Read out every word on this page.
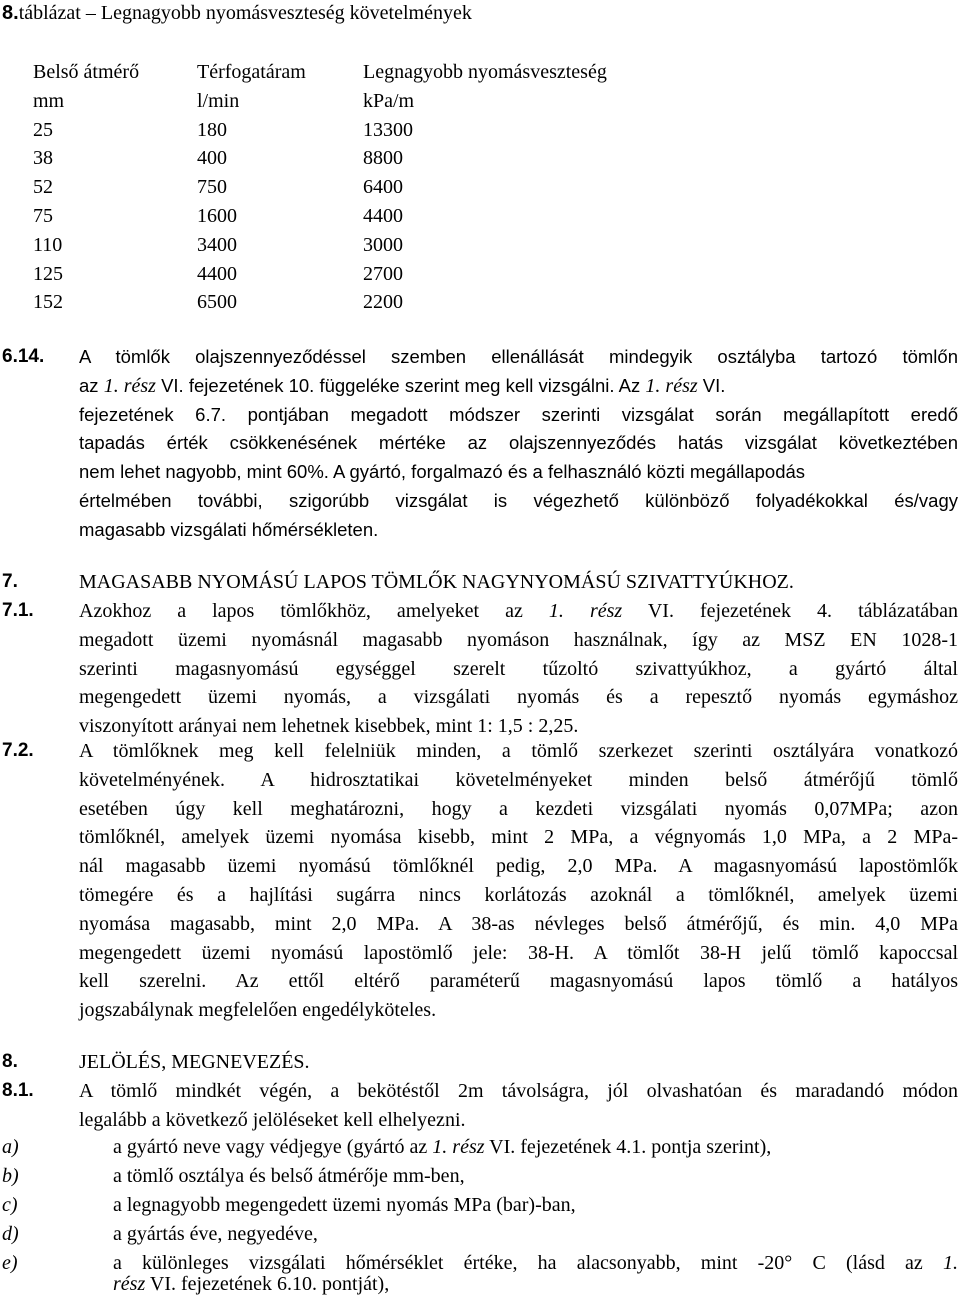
8.táblázat – Legnagyobb nyomásveszteség követelmények
Belső átmérő	Térfogatáram	Legnagyobb nyomásveszteség
mm	l/min	kPa/m
25	180	13300
38	400	8800
52	750	6400
75	1600	4400
110	3400	3000
125	4400	2700
152	6500	2200
6.14. A tömlők olajszennyeződéssel szemben ellenállását mindegyik osztályba tartozó tömlőn
az 1. rész VI. fejezetének 10. függeléke szerint meg kell vizsgálni. Az 1. rész VI.
fejezetének 6.7. pontjában megadott módszer szerinti vizsgálat során megállapított eredő
tapadás érték csökkenésének mértéke az olajszennyeződés hatás vizsgálat következtében
nem lehet nagyobb, mint 60%. A gyártó, forgalmazó és a felhasználó közti megállapodás
értelmében további, szigorúbb vizsgálat is végezhető különböző folyadékokkal és/vagy
magasabb vizsgálati hőmérsékleten.
7.	MAGASABB NYOMÁSÚ LAPOS TÖMLŐK NAGYNYOMÁSÚ SZIVATTYÚKHOZ.
7.1. Azokhoz a lapos tömlőkhöz, amelyeket az 1. rész VI. fejezetének 4. táblázatában
megadott üzemi nyomásnál magasabb nyomáson használnak, így az MSZ EN 1028-1
szerinti magasnyomású egységgel szerelt tűzoltó szivattyúkhoz, a gyártó által
megengedett üzemi nyomás, a vizsgálati nyomás és a repesztő nyomás egymáshoz
viszonyított arányai nem lehetnek kisebbek, mint 1: 1,5 : 2,25.
7.2. A tömlőknek meg kell felelniük minden, a tömlő szerkezet szerinti osztályára vonatkozó
követelményének. A hidrosztatikai követelményeket minden belső átmérőjű tömlő
esetében úgy kell meghatározni, hogy a kezdeti vizsgálati nyomás 0,07MPa; azon
tömlőknél, amelyek üzemi nyomása kisebb, mint 2 MPa, a végnyomás 1,0 MPa, a 2 MPa-
nál magasabb üzemi nyomású tömlőknél pedig, 2,0 MPa. A magasnyomású lapostömlők
tömegére és a hajlítási sugárra nincs korlátozás azoknál a tömlőknél, amelyek üzemi
nyomása magasabb, mint 2,0 MPa. A 38-as névleges belső átmérőjű, és min. 4,0 MPa
megengedett üzemi nyomású lapostömlő jele: 38-H. A tömlőt 38-H jelű tömlő kapoccsal
kell szerelni. Az ettől eltérő paraméterű magasnyomású lapos tömlő a hatályos
jogszabálynak megfelelően engedélyköteles.
8.	JELÖLÉS, MEGNEVEZÉS.
8.1. A tömlő mindkét végén, a bekötéstől 2m távolságra, jól olvashatóan és maradandó módon
legalább a következő jelöléseket kell elhelyezni.
a)	a gyártó neve vagy védjegye (gyártó az 1. rész VI. fejezetének 4.1. pontja szerint),
b)	a tömlő osztálya és belső átmérője mm-ben,
c)	a legnagyobb megengedett üzemi nyomás MPa (bar)-ban,
d)	a gyártás éve, negyedéve,
e)	a különleges vizsgálati hőmérséklet értéke, ha alacsonyabb, mint -20° C (lásd az 1.
rész VI. fejezetének 6.10. pontját),
